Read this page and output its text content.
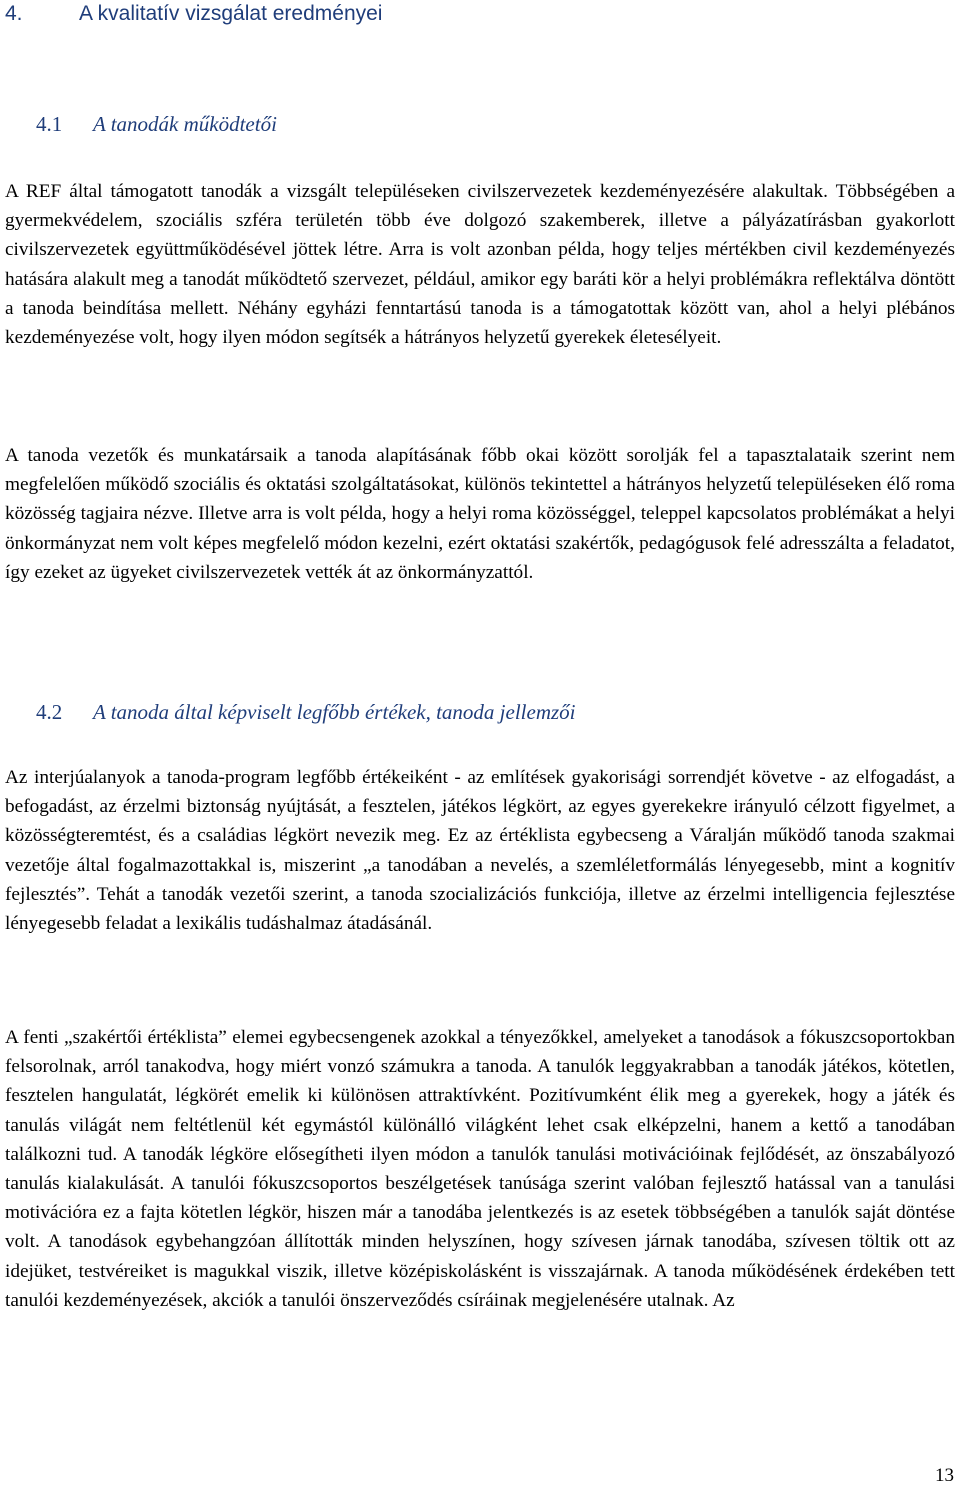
4.	A kvalitatív vizsgálat eredményei
4.1 A tanodák működtetői

A REF által támogatott tanodák a vizsgált településeken civilszervezetek kezdeményezésére alakultak. Többségében a gyermekvédelem, szociális szféra területén több éve dolgozó szakemberek, illetve a pályázatírásban gyakorlott civilszervezetek együttműködésével jöttek létre. Arra is volt azonban példa, hogy teljes mértékben civil kezdeményezés hatására alakult meg a tanodát működtető szervezet, például, amikor egy baráti kör a helyi problémákra reflektálva döntött a tanoda beindítása mellett. Néhány egyházi fenntartású tanoda is a támogatottak között van, ahol a helyi plébános kezdeményezése volt, hogy ilyen módon segítsék a hátrányos helyzetű gyerekek életesélyeit.

A tanoda vezetők és munkatársaik a tanoda alapításának főbb okai között sorolják fel a tapasztalataik szerint nem megfelelően működő szociális és oktatási szolgáltatásokat, különös tekintettel a hátrányos helyzetű településeken élő roma közösség tagjaira nézve. Illetve arra is volt példa, hogy a helyi roma közösséggel, teleppel kapcsolatos problémákat a helyi önkormányzat nem volt képes megfelelő módon kezelni, ezért oktatási szakértők, pedagógusok felé adresszálta a feladatot, így ezeket az ügyeket civilszervezetek vették át az önkormányzattól.

4.2 A tanoda által képviselt legfőbb értékek, tanoda jellemzői

Az interjúalanyok a tanoda-program legfőbb értékeiként - az említések gyakorisági sorrendjét követve - az elfogadást, a befogadást, az érzelmi biztonság nyújtását, a fesztelen, játékos légkört, az egyes gyerekekre irányuló célzott figyelmet, a közösségteremtést, és a családias légkört nevezik meg. Ez az értéklista egybecseng a Váralján működő tanoda szakmai vezetője által fogalmazottakkal is, miszerint „a tanodában a nevelés, a szemléletformálás lényegesebb, mint a kognitív fejlesztés”. Tehát a tanodák vezetői szerint, a tanoda szocializációs funkciója, illetve az érzelmi intelligencia fejlesztése lényegesebb feladat a lexikális tudáshalmaz átadásánál.

A fenti „szakértői értéklista” elemei egybecsengenek azokkal a tényezőkkel, amelyeket a tanodások a fókuszcsoportokban felsorolnak, arról tanakodva, hogy miért vonzó számukra a tanoda. A tanulók leggyakrabban a tanodák játékos, kötetlen, fesztelen hangulatát, légkörét emelik ki különösen attraktívként. Pozitívumként élik meg a gyerekek, hogy a játék és tanulás világát nem feltétlenül két egymástól különálló világként lehet csak elképzelni, hanem a kettő a tanodában találkozni tud. A tanodák légköre elősegítheti ilyen módon a tanulók tanulási motivációinak fejlődését, az önszabályozó tanulás kialakulását. A tanulói fókuszcsoportos beszélgetések tanúsága szerint valóban fejlesztő hatással van a tanulási motivációra ez a fajta kötetlen légkör, hiszen már a tanodába jelentkezés is az esetek többségében a tanulók saját döntése volt. A tanodások egybehangzóan állították minden helyszínen, hogy szívesen járnak tanodába, szívesen töltik ott az idejüket, testvéreiket is magukkal viszik, illetve középiskolásként is visszajárnak. A tanoda működésének érdekében tett tanulói kezdeményezések, akciók a tanulói önszerveződés csíráinak megjelenésére utalnak. Az

13
